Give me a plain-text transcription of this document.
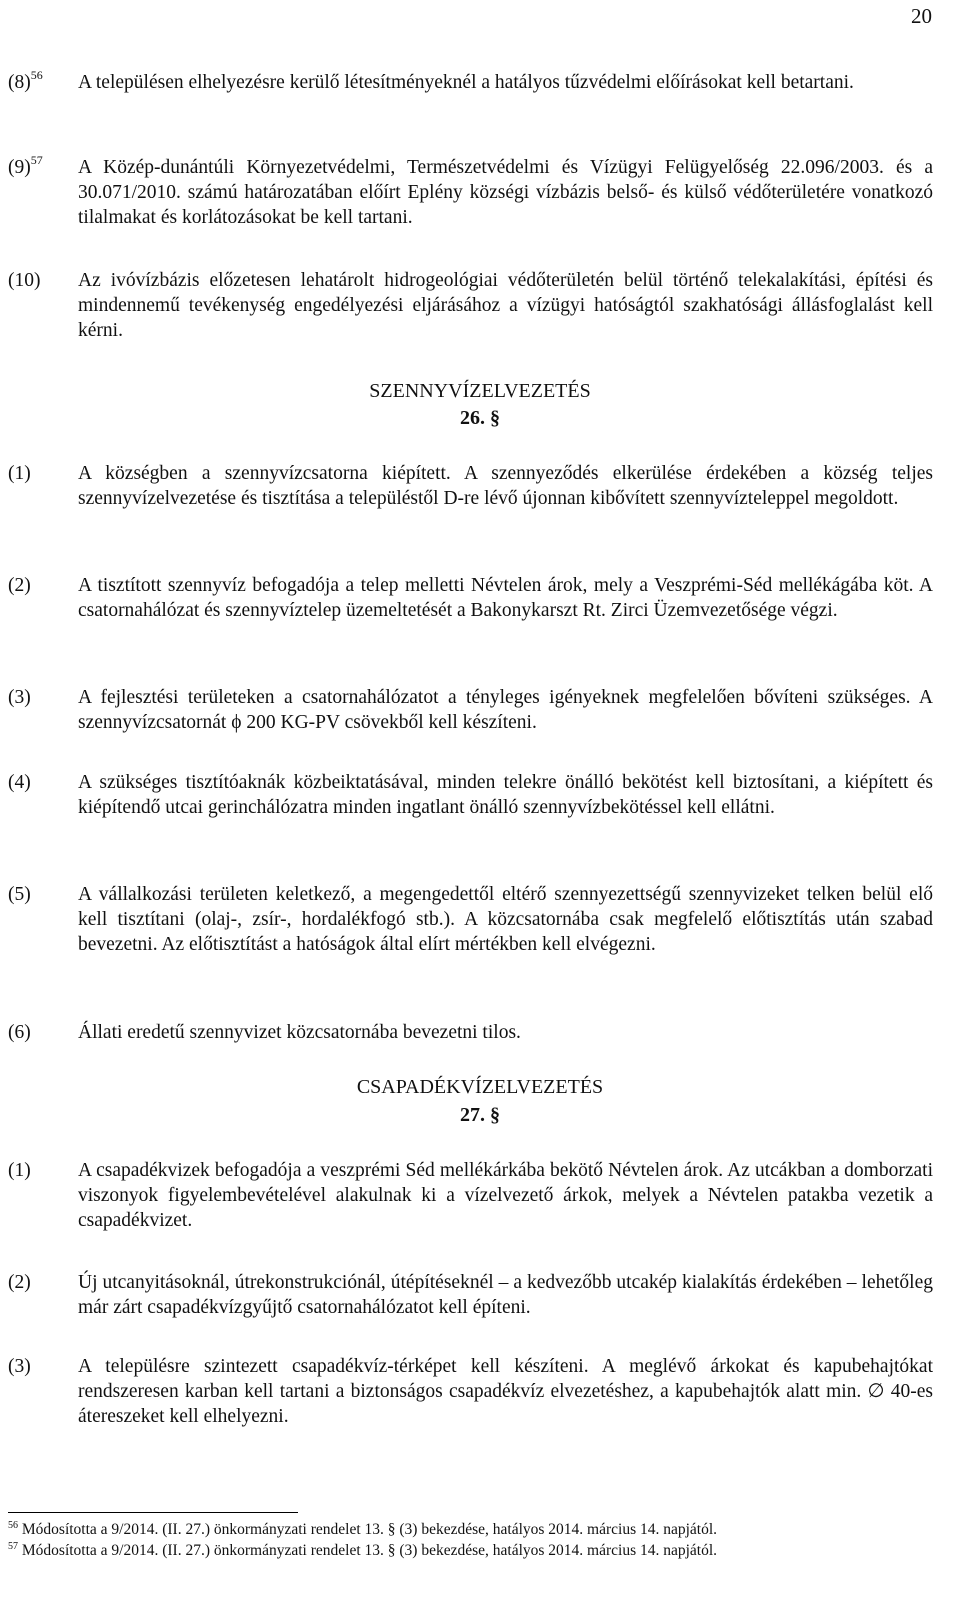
20
$(8)^{56}$ A településen elhelyezésre kerülő létesítményeknél a hatályos tűzvédelmi előírásokat kell betartani.
$(9)^{57}$ A Közép-dunántúli Környezetvédelmi, Természetvédelmi és Vízügyi Felügyelőség 22.096/2003. és a 30.071/2010. számú határozatában előírt Eplény községi vízbázis belső- és külső védőterületére vonatkozó tilalmakat és korlátozásokat be kell tartani.
(10) Az ivóvízbázis előzetesen lehatárolt hidrogeológiai védőterületén belül történő telekalakítási, építési és mindennemű tevékenység engedélyezési eljárásához a vízügyi hatóságtól szakhatósági állásfoglalást kell kérni.
SZENNYVÍZELVEZETÉS
26. §
(1) A községben a szennyvízcsatorna kiépített. A szennyeződés elkerülése érdekében a község teljes szennyvízelvezetése és tisztítása a településtől D-re lévő újonnan kibővített szennyvízteleppel megoldott.
(2) A tisztított szennyvíz befogadója a telep melletti Névtelen árok, mely a Veszprémi-Séd mellékágába köt. A csatornahálózat és szennyvíztelep üzemeltetését a Bakonykarszt Rt. Zirci Üzemvezetősége végzi.
(3) A fejlesztési területeken a csatornahálózatot a tényleges igényeknek megfelelően bővíteni szükséges. A szennyvízcsatornát ϕ 200 KG-PV csövekből kell készíteni.
(4) A szükséges tisztítóaknák közbeiktatásával, minden telekre önálló bekötést kell biztosítani, a kiépített és kiépítendő utcai gerinchálózatra minden ingatlant önálló szennyvízbekötéssel kell ellátni.
(5) A vállalkozási területen keletkező, a megengedettől eltérő szennyezettségű szennyvizeket telken belül elő kell tisztítani (olaj-, zsír-, hordalékfogó stb.). A közcsatornába csak megfelelő előtisztítás után szabad bevezetni. Az előtisztítást a hatóságok által elírt mértékben kell elvégezni.
(6) Állati eredetű szennyvizet közcsatornába bevezetni tilos.
CSAPADÉKVÍZELVEZETÉS
27. §
(1) A csapadékvizek befogadója a veszprémi Séd mellékárkába bekötő Névtelen árok. Az utcákban a domborzati viszonyok figyelembevételével alakulnak ki a vízelvezető árkok, melyek a Névtelen patakba vezetik a csapadékvizet.
(2) Új utcanyitásoknál, útrekonstrukciónál, útépítéseknél – a kedvezőbb utcakép kialakítás érdekében – lehetőleg már zárt csapadékvízgyűjtő csatornahálózatot kell építeni.
(3) A településre szintezett csapadékvíz-térképet kell készíteni. A meglévő árkokat és kapubehajtókat rendszeresen karban kell tartani a biztonságos csapadékvíz elvezetéshez, a kapubehajtók alatt min. ∅ 40-es átereszeket kell elhelyezni.
$^{56}$ Módosította a 9/2014. (II. 27.) önkormányzati rendelet 13. § (3) bekezdése, hatályos 2014. március 14. napjától.
$^{57}$ Módosította a 9/2014. (II. 27.) önkormányzati rendelet 13. § (3) bekezdése, hatályos 2014. március 14. napjától.
